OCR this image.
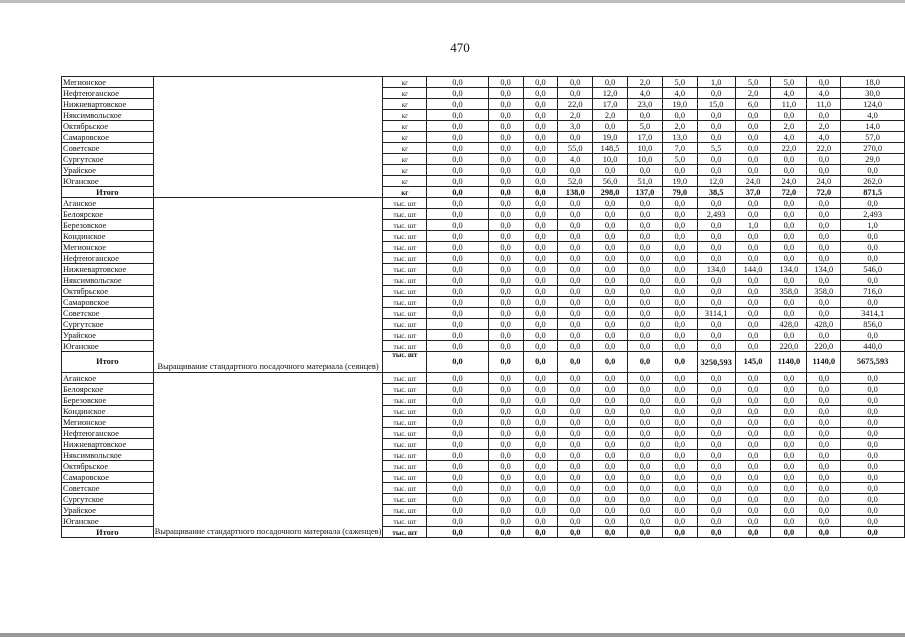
470
Мегионское		кг	0,0	0,0	0,0	0,0	0,0	2,0	5,0	1,0	5,0	5,0	0,0	18,0
Нефтеюганское		кг	0,0	0,0	0,0	0,0	12,0	4,0	4,0	0,0	2,0	4,0	4,0	30,0
Нижневартовское		кг	0,0	0,0	0,0	22,0	17,0	23,0	19,0	15,0	6,0	11,0	11,0	124,0
Няксимвольское		кг	0,0	0,0	0,0	2,0	2,0	0,0	0,0	0,0	0,0	0,0	0,0	4,0
Октябрьское		кг	0,0	0,0	0,0	3,0	0,0	5,0	2,0	0,0	0,0	2,0	2,0	14,0
Самаровское		кг	0,0	0,0	0,0	0,0	19,0	17,0	13,0	0,0	0,0	4,0	4,0	57,0
Советское		кг	0,0	0,0	0,0	55,0	148,5	10,0	7,0	5,5	0,0	22,0	22,0	270,0
Сургутское		кг	0,0	0,0	0,0	4,0	10,0	10,0	5,0	0,0	0,0	0,0	0,0	29,0
Урайское		кг	0,0	0,0	0,0	0,0	0,0	0,0	0,0	0,0	0,0	0,0	0,0	0,0
Юганское		кг	0,0	0,0	0,0	52,0	56,0	51,0	19,0	12,0	24,0	24,0	24,0	262,0
Итого		кг	0,0	0,0	0,0	138,0	298,0	137,0	79,0	38,5	37,0	72,0	72,0	871,5
Аганское	Выращивание стандартного посадочного материала (сеянцев)	тыс. шт	0,0	0,0	0,0	0,0	0,0	0,0	0,0	0,0	0,0	0,0	0,0	0,0
Белоярское		тыс. шт	0,0	0,0	0,0	0,0	0,0	0,0	0,0	2,493	0,0	0,0	0,0	2,493
Березовское		тыс. шт	0,0	0,0	0,0	0,0	0,0	0,0	0,0	0,0	1,0	0,0	0,0	1,0
Кондинское		тыс. шт	0,0	0,0	0,0	0,0	0,0	0,0	0,0	0,0	0,0	0,0	0,0	0,0
Мегионское		тыс. шт	0,0	0,0	0,0	0,0	0,0	0,0	0,0	0,0	0,0	0,0	0,0	0,0
Нефтеюганское		тыс. шт	0,0	0,0	0,0	0,0	0,0	0,0	0,0	0,0	0,0	0,0	0,0	0,0
Нижневартовское		тыс. шт	0,0	0,0	0,0	0,0	0,0	0,0	0,0	134,0	144,0	134,0	134,0	546,0
Няксимвольское		тыс. шт	0,0	0,0	0,0	0,0	0,0	0,0	0,0	0,0	0,0	0,0	0,0	0,0
Октябрьское		тыс. шт	0,0	0,0	0,0	0,0	0,0	0,0	0,0	0,0	0,0	358,0	358,0	716,0
Самаровское		тыс. шт	0,0	0,0	0,0	0,0	0,0	0,0	0,0	0,0	0,0	0,0	0,0	0,0
Советское		тыс. шт	0,0	0,0	0,0	0,0	0,0	0,0	0,0	3114,1	0,0	0,0	0,0	3414,1
Сургутское		тыс. шт	0,0	0,0	0,0	0,0	0,0	0,0	0,0	0,0	0,0	428,0	428,0	856,0
Урайское		тыс. шт	0,0	0,0	0,0	0,0	0,0	0,0	0,0	0,0	0,0	0,0	0,0	0,0
Юганское		тыс. шт	0,0	0,0	0,0	0,0	0,0	0,0	0,0	0,0	0,0	220,0	220,0	440,0
Итого		тыс. шт	0,0	0,0	0,0	0,0	0,0	0,0	0,0	3250,593	145,0	1140,0	1140,0	5675,593
Аганское	Выращивание стандартного посадочного материала (саженцев)	тыс. шт	0,0	0,0	0,0	0,0	0,0	0,0	0,0	0,0	0,0	0,0	0,0	0,0
Белоярское		тыс. шт	0,0	0,0	0,0	0,0	0,0	0,0	0,0	0,0	0,0	0,0	0,0	0,0
Березовское		тыс. шт	0,0	0,0	0,0	0,0	0,0	0,0	0,0	0,0	0,0	0,0	0,0	0,0
Кондинское		тыс. шт	0,0	0,0	0,0	0,0	0,0	0,0	0,0	0,0	0,0	0,0	0,0	0,0
Мегионское		тыс. шт	0,0	0,0	0,0	0,0	0,0	0,0	0,0	0,0	0,0	0,0	0,0	0,0
Нефтеюганское		тыс. шт	0,0	0,0	0,0	0,0	0,0	0,0	0,0	0,0	0,0	0,0	0,0	0,0
Нижневартовское		тыс. шт	0,0	0,0	0,0	0,0	0,0	0,0	0,0	0,0	0,0	0,0	0,0	0,0
Няксимвольское		тыс. шт	0,0	0,0	0,0	0,0	0,0	0,0	0,0	0,0	0,0	0,0	0,0	0,0
Октябрьское		тыс. шт	0,0	0,0	0,0	0,0	0,0	0,0	0,0	0,0	0,0	0,0	0,0	0,0
Самаровское		тыс. шт	0,0	0,0	0,0	0,0	0,0	0,0	0,0	0,0	0,0	0,0	0,0	0,0
Советское		тыс. шт	0,0	0,0	0,0	0,0	0,0	0,0	0,0	0,0	0,0	0,0	0,0	0,0
Сургутское		тыс. шт	0,0	0,0	0,0	0,0	0,0	0,0	0,0	0,0	0,0	0,0	0,0	0,0
Урайское		тыс. шт	0,0	0,0	0,0	0,0	0,0	0,0	0,0	0,0	0,0	0,0	0,0	0,0
Юганское		тыс. шт	0,0	0,0	0,0	0,0	0,0	0,0	0,0	0,0	0,0	0,0	0,0	0,0
Итого		тыс. шт	0,0	0,0	0,0	0,0	0,0	0,0	0,0	0,0	0,0	0,0	0,0	0,0
